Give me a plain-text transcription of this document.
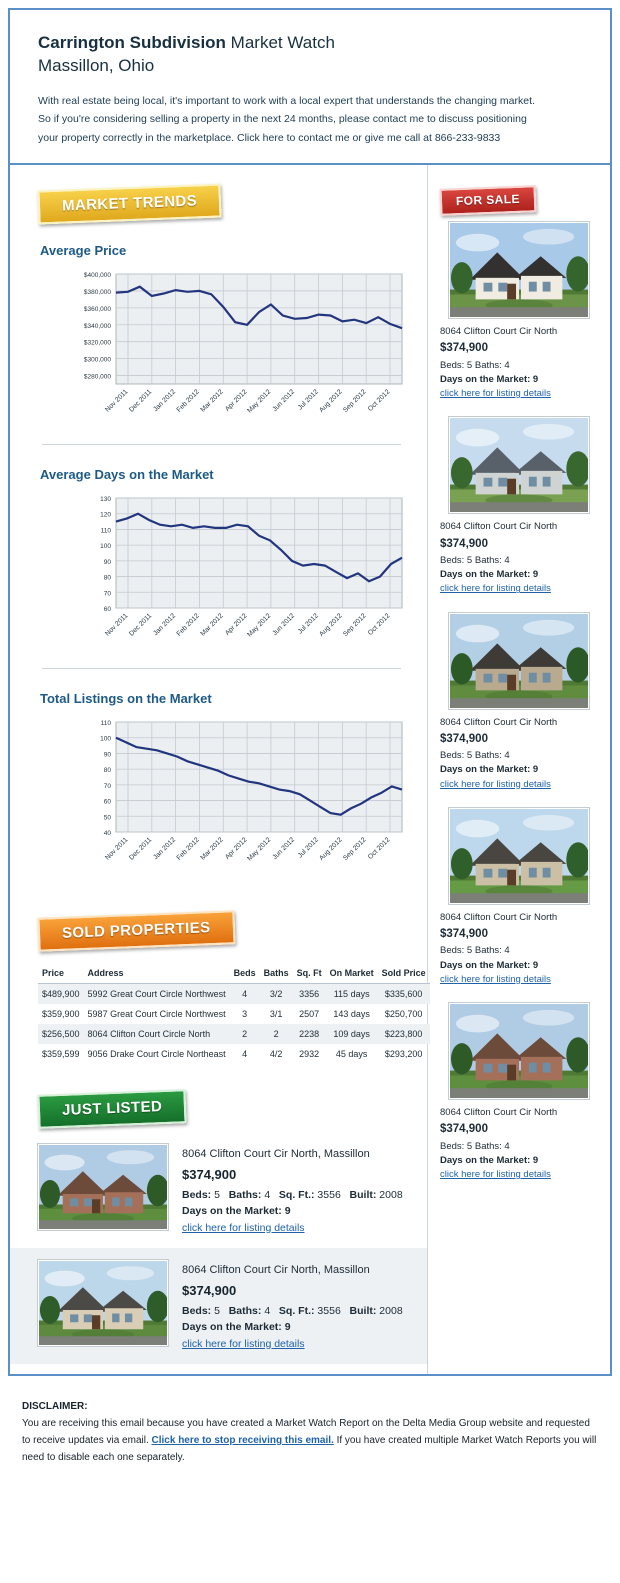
Carrington Subdivision Market Watch
Massillon, Ohio
With real estate being local, it's important to work with a local expert that understands the changing market.
So if you're considering selling a property in the next 24 months, please contact me to discuss positioning
your property correctly in the marketplace. Click here to contact me or give me call at 866-233-9833
MARKET TRENDS
Average Price
$280,000
$300,000
$320,000
$340,000
$360,000
$380,000
$400,000
Nov 2011
Dec 2011 Jan 2012
Feb 2012
Mar 2012 Apr 2012
May 2012 Jun 2012 Jul 2012
Aug 2012
Sep 2012 Oct 2012
Average Days on the Market
60
70
80
90
100
110
120
130
Nov 2011
Dec 2011 Jan 2012
Feb 2012
Mar 2012 Apr 2012
May 2012 Jun 2012 Jul 2012
Aug 2012
Sep 2012 Oct 2012
Total Listings on the Market
40
50
60
70
80
90
100
110
Nov 2011
Dec 2011 Jan 2012
Feb 2012
Mar 2012 Apr 2012
May 2012 Jun 2012 Jul 2012
Aug 2012
Sep 2012 Oct 2012
SOLD PROPERTIES
Price	Address	Beds	Baths	Sq. Ft	On Market	Sold Price
$489,900	5992 Great Court Circle Northwest	4	3/2	3356	115 days	$335,600
$359,900	5987 Great Court Circle Northwest	3	3/1	2507	143 days	$250,700
$256,500	8064 Clifton Court Circle North	2	2	2238	109 days	$223,800
$359,599	9056 Drake Court Circle Northeast	4	4/2	2932	45 days	$293,200
JUST LISTED
8064 Clifton Court Cir North, Massillon
$374,900
Beds: 5 Baths: 4 Sq. Ft.: 3556 Built: 2008
Days on the Market: 9
click here for listing details
8064 Clifton Court Cir North, Massillon
$374,900
Beds: 5 Baths: 4 Sq. Ft.: 3556 Built: 2008
Days on the Market: 9
click here for listing details
FOR SALE
8064 Clifton Court Cir North
$374,900
Beds: 5 Baths: 4
Days on the Market: 9
click here for listing details
8064 Clifton Court Cir North
$374,900
Beds: 5 Baths: 4
Days on the Market: 9
click here for listing details
8064 Clifton Court Cir North
$374,900
Beds: 5 Baths: 4
Days on the Market: 9
click here for listing details
8064 Clifton Court Cir North
$374,900
Beds: 5 Baths: 4
Days on the Market: 9
click here for listing details
8064 Clifton Court Cir North
$374,900
Beds: 5 Baths: 4
Days on the Market: 9
click here for listing details
DISCLAIMER:
You are receiving this email because you have created a Market Watch Report on the Delta Media Group website and requested
to receive updates via email. Click here to stop receiving this email. If you have created multiple Market Watch Reports you will
need to disable each one separately.
